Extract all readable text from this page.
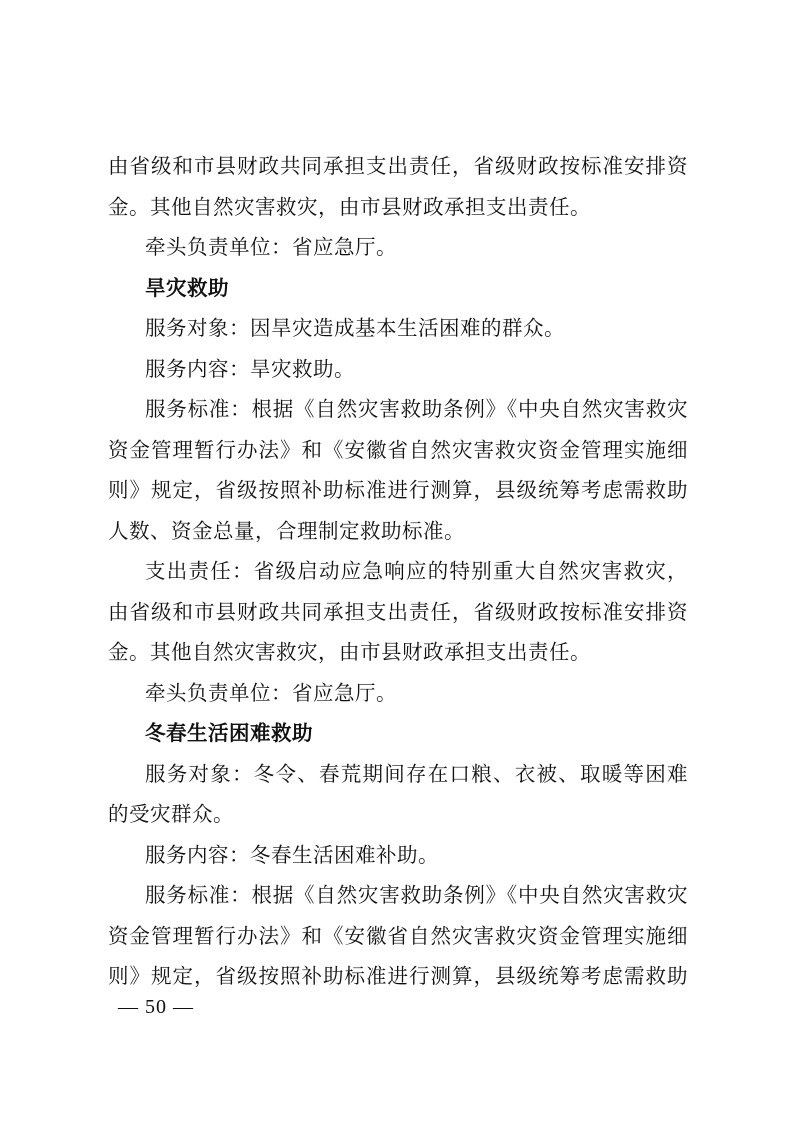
由省级和市县财政共同承担支出责任，省级财政按标准安排资
金。其他自然灾害救灾，由市县财政承担支出责任。
牵头负责单位：省应急厅。
旱灾救助
服务对象：因旱灾造成基本生活困难的群众。
服务内容：旱灾救助。
服务标准：根据《自然灾害救助条例》《中央自然灾害救灾
资金管理暂行办法》和《安徽省自然灾害救灾资金管理实施细
则》规定，省级按照补助标准进行测算，县级统筹考虑需救助
人数、资金总量，合理制定救助标准。
支出责任：省级启动应急响应的特别重大自然灾害救灾，
由省级和市县财政共同承担支出责任，省级财政按标准安排资
金。其他自然灾害救灾，由市县财政承担支出责任。
牵头负责单位：省应急厅。
冬春生活困难救助
服务对象：冬令、春荒期间存在口粮、衣被、取暖等困难
的受灾群众。
服务内容：冬春生活困难补助。
服务标准：根据《自然灾害救助条例》《中央自然灾害救灾
资金管理暂行办法》和《安徽省自然灾害救灾资金管理实施细
则》规定，省级按照补助标准进行测算，县级统筹考虑需救助
— 50 —
